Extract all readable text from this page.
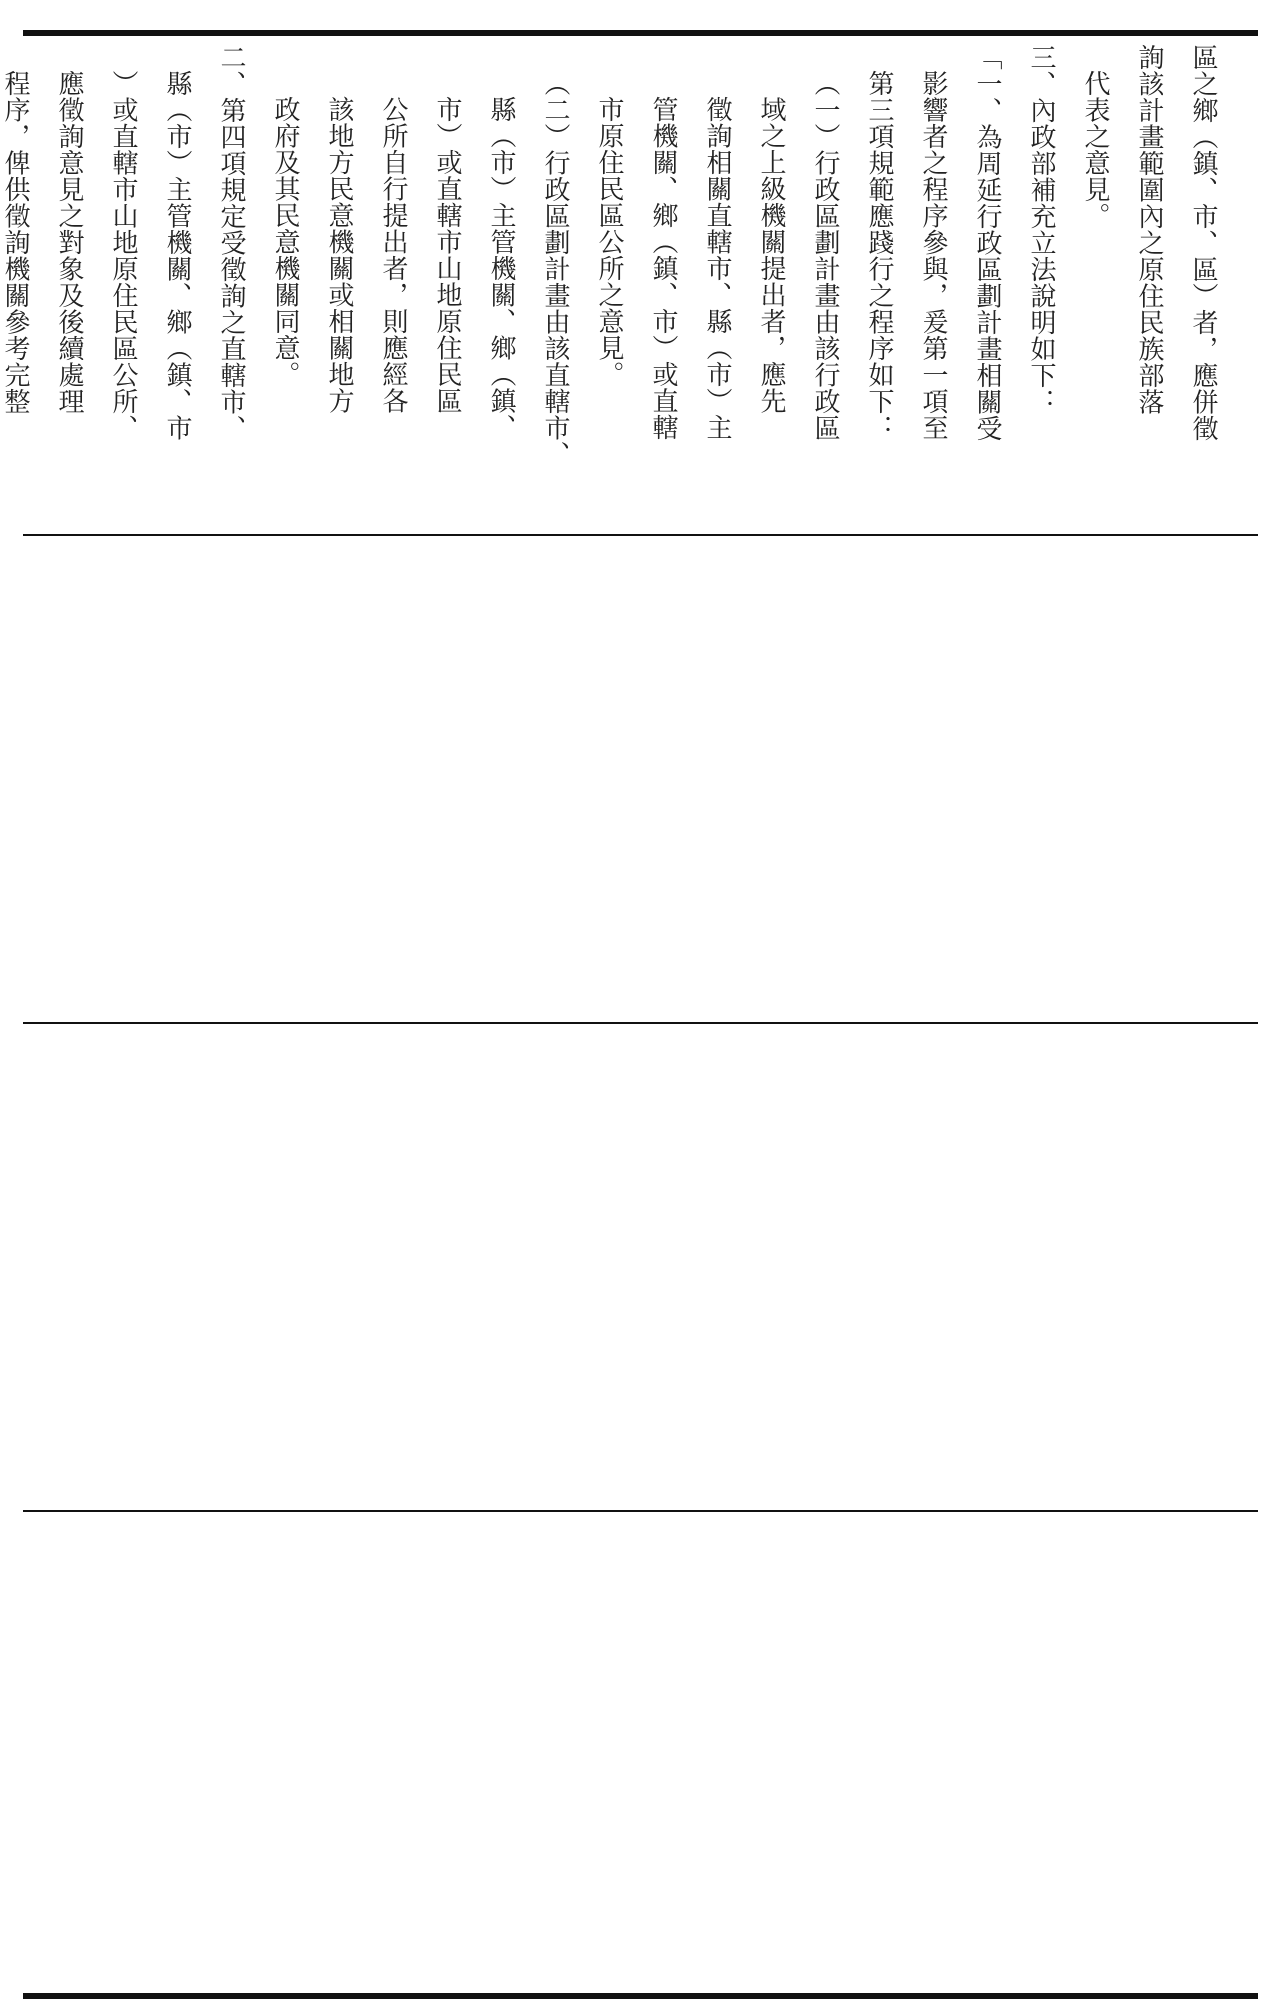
區之鄉（鎮、市、區）者，應併徵
詢該計畫範圍內之原住民族部落
代表之意見。
三、內政部補充立法說明如下：
「一、為周延行政區劃計畫相關受
影響者之程序參與，爰第一項至
第三項規範應踐行之程序如下：
（一）行政區劃計畫由該行政區
域之上級機關提出者，應先
徵詢相關直轄市、縣（市）主
管機關、鄉（鎮、市）或直轄
市原住民區公所之意見。
（二）行政區劃計畫由該直轄市、
縣（市）主管機關、鄉（鎮、
市）或直轄市山地原住民區
公所自行提出者，則應經各
該地方民意機關或相關地方
政府及其民意機關同意。
二、第四項規定受徵詢之直轄市、
縣（市）主管機關、鄉（鎮、市
）或直轄市山地原住民區公所、
應徵詢意見之對象及後續處理
程序，俾供徵詢機關參考完整
